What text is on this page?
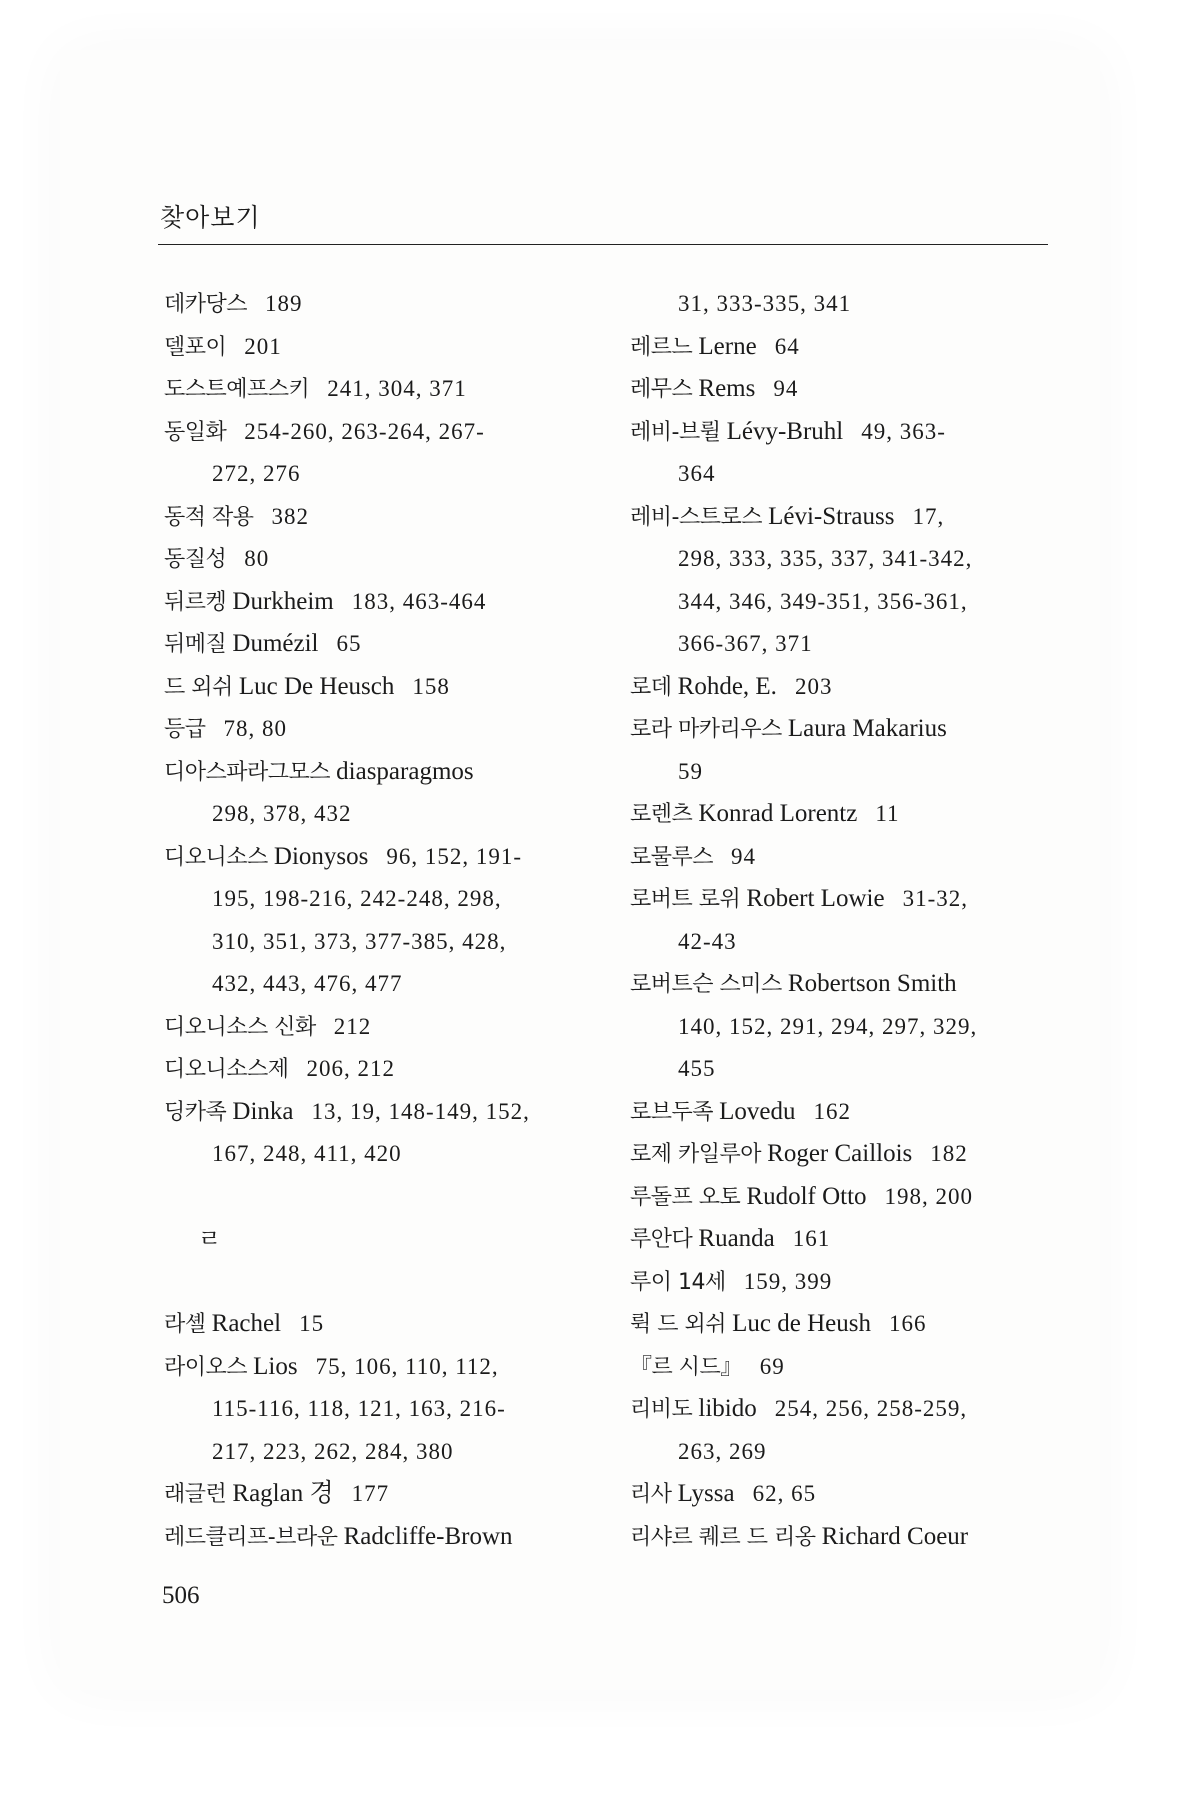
찾아보기
데카당스 189
델포이 201
도스트예프스키 241, 304, 371
동일화 254-260, 263-264, 267-
272, 276
동적 작용 382
동질성 80
뒤르켕 Durkheim 183, 463-464
뒤메질 Dumézil 65
드 외쉬 Luc De Heusch 158
등급 78, 80
디아스파라그모스 diasparagmos
298, 378, 432
디오니소스 Dionysos 96, 152, 191-
195, 198-216, 242-248, 298,
310, 351, 373, 377-385, 428,
432, 443, 476, 477
디오니소스 신화 212
디오니소스제 206, 212
딩카족 Dinka 13, 19, 148-149, 152,
167, 248, 411, 420
ㄹ
라셸 Rachel 15
라이오스 Lios 75, 106, 110, 112,
115-116, 118, 121, 163, 216-
217, 223, 262, 284, 380
래글런 Raglan 경 177
레드클리프-브라운 Radcliffe-Brown
31, 333-335, 341
레르느 Lerne 64
레무스 Rems 94
레비-브륄 Lévy-Bruhl 49, 363-
364
레비-스트로스 Lévi-Strauss 17,
298, 333, 335, 337, 341-342,
344, 346, 349-351, 356-361,
366-367, 371
로데 Rohde, E. 203
로라 마카리우스 Laura Makarius
59
로렌츠 Konrad Lorentz 11
로물루스 94
로버트 로위 Robert Lowie 31-32,
42-43
로버트슨 스미스 Robertson Smith
140, 152, 291, 294, 297, 329,
455
로브두족 Lovedu 162
로제 카일루아 Roger Caillois 182
루돌프 오토 Rudolf Otto 198, 200
루안다 Ruanda 161
루이 14세 159, 399
뤽 드 외쉬 Luc de Heush 166
『르 시드』 69
리비도 libido 254, 256, 258-259,
263, 269
리사 Lyssa 62, 65
리샤르 퀘르 드 리옹 Richard Coeur
506
